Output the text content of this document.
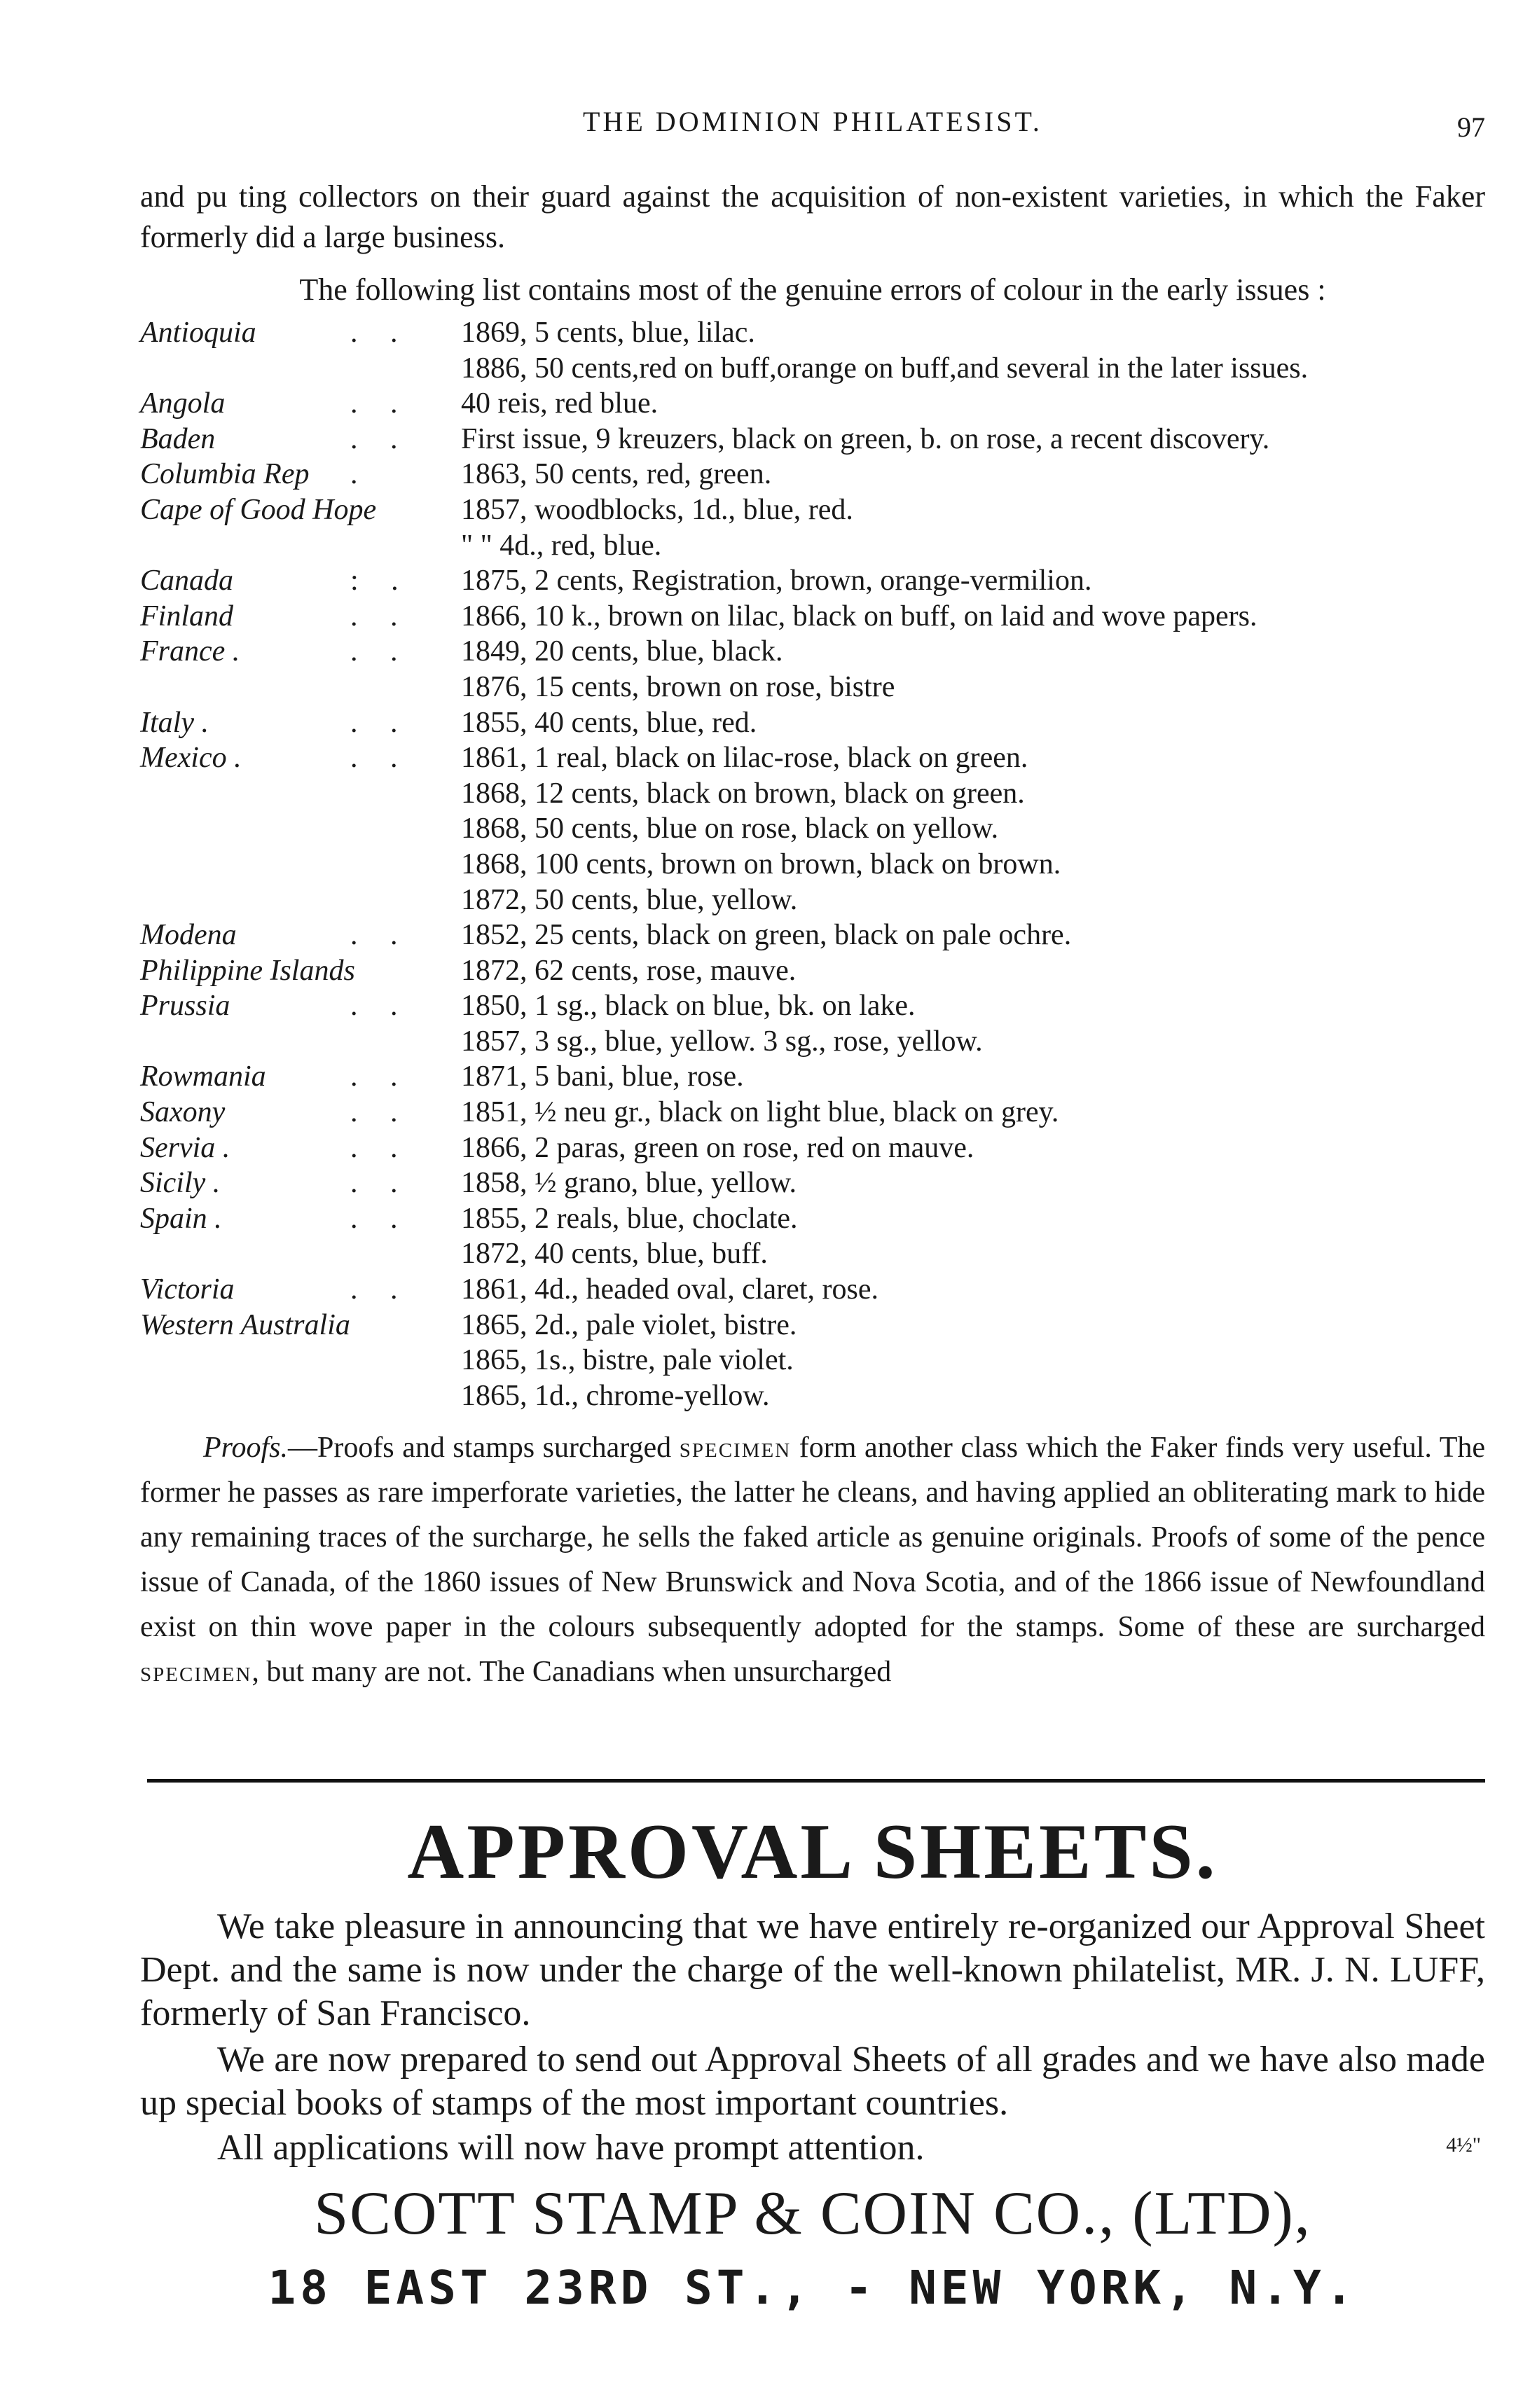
THE DOMINION PHILATESIST.	97

and pu ting collectors on their guard against the acquisition of non-existent varieties, in which the Faker formerly did a large business.

The following list contains most of the genuine errors of colour in the early issues :
Antioquia	. . 1869, 5 cents, blue, lilac.
1886, 50 cents,red on buff,orange on buff,and several in the later issues.
Angola	. . 40 reis, red blue.
Baden	. . First issue, 9 kreuzers, black on green, b. on rose, a recent discovery.
Columbia Rep .	1863, 50 cents, red, green.
Cape of Good Hope	1857, woodblocks, 1d., blue, red.
" " 4d., red, blue.
Canada	: . 1875, 2 cents, Registration, brown, orange-vermilion.
Finland	. . 1866, 10 k., brown on lilac, black on buff, on laid and wove papers.
France .	. . 1849, 20 cents, blue, black.
1876, 15 cents, brown on rose, bistre
Italy .	. . 1855, 40 cents, blue, red.
Mexico .	. . 1861, 1 real, black on lilac-rose, black on green.
1868, 12 cents, black on brown, black on green.
1868, 50 cents, blue on rose, black on yellow.
1868, 100 cents, brown on brown, black on brown.
1872, 50 cents, blue, yellow.
Modena	. . 1852, 25 cents, black on green, black on pale ochre.
Philippine Islands	1872, 62 cents, rose, mauve.
Prussia	. . 1850, 1 sg., black on blue, bk. on lake.
1857, 3 sg., blue, yellow. 3 sg., rose, yellow.
Rowmania	. . 1871, 5 bani, blue, rose.
Saxony	. . 1851, ½ neu gr., black on light blue, black on grey.
Servia .	. . 1866, 2 paras, green on rose, red on mauve.
Sicily .	. . 1858, ½ grano, blue, yellow.
Spain .	. . 1855, 2 reals, blue, choclate.
1872, 40 cents, blue, buff.
Victoria	. . 1861, 4d., headed oval, claret, rose.
Western Australia	1865, 2d., pale violet, bistre.
1865, 1s., bistre, pale violet.
1865, 1d., chrome-yellow.

Proofs.—Proofs and stamps surcharged specimen form another class which the Faker finds very useful. The former he passes as rare imperforate varieties, the latter he cleans, and having applied an obliterating mark to hide any remaining traces of the surcharge, he sells the faked article as genuine originals. Proofs of some of the pence issue of Canada, of the 1860 issues of New Brunswick and Nova Scotia, and of the 1866 issue of Newfoundland exist on thin wove paper in the colours subsequently adopted for the stamps. Some of these are surcharged specimen, but many are not. The Canadians when unsurcharged

APPROVAL SHEETS.

We take pleasure in announcing that we have entirely re-organized our Approval Sheet Dept. and the same is now under the charge of the well-known philatelist, MR. J. N. LUFF, formerly of San Francisco.

We are now prepared to send out Approval Sheets of all grades and we have also made up special books of stamps of the most important countries.

All applications will now have prompt attention.	4½"
SCOTT STAMP & COIN CO., (LTD),
18 EAST 23RD ST., - NEW YORK, N.Y.
